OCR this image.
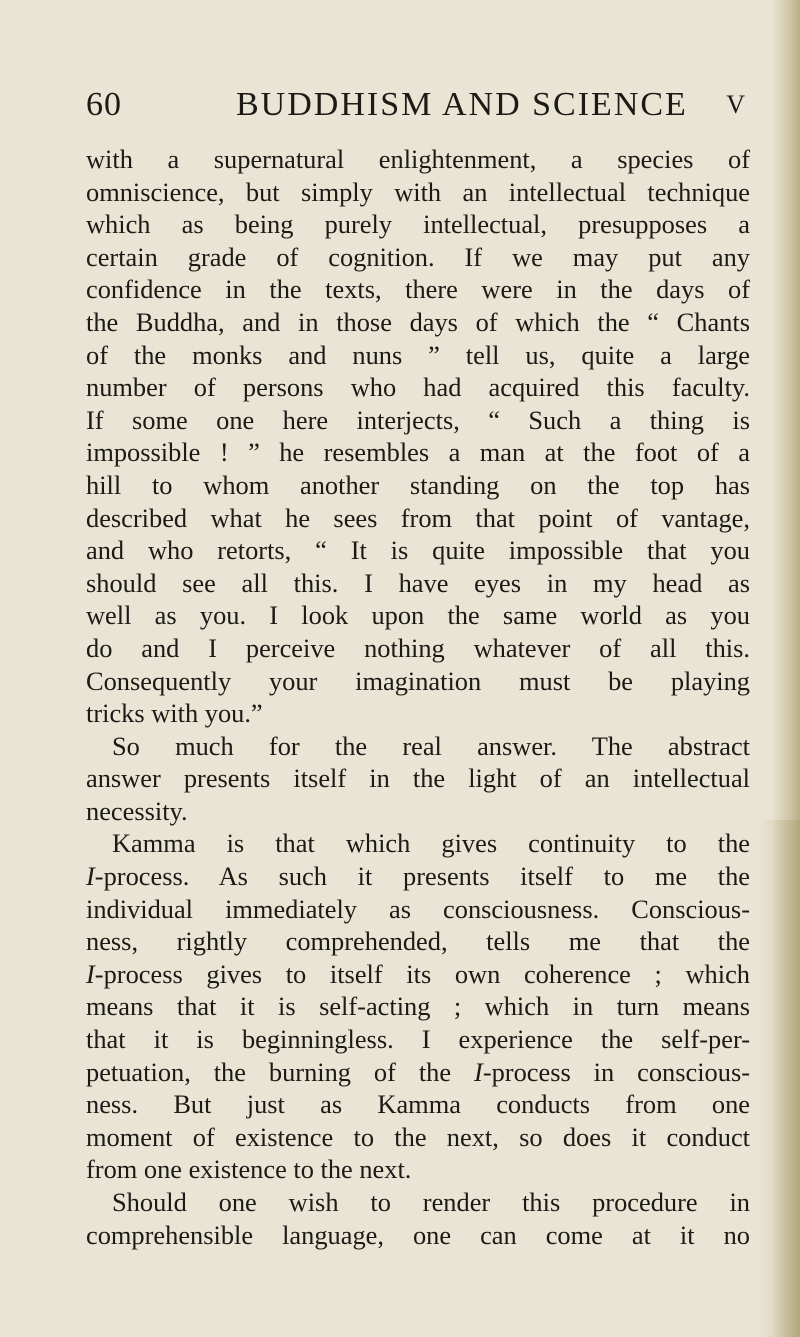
60	BUDDHISM AND SCIENCE V
with a supernatural enlightenment, a species of
omniscience, but simply with an intellectual technique
which as being purely intellectual, presupposes a
certain grade of cognition. If we may put any
confidence in the texts, there were in the days of
the Buddha, and in those days of which the “ Chants
of the monks and nuns ” tell us, quite a large
number of persons who had acquired this faculty.
If some one here interjects, “ Such a thing is
impossible ! ” he resembles a man at the foot of a
hill to whom another standing on the top has
described what he sees from that point of vantage,
and who retorts, “ It is quite impossible that you
should see all this. I have eyes in my head as
well as you. I look upon the same world as you
do and I perceive nothing whatever of all this.
Consequently your imagination must be playing
tricks with you.”
So much for the real answer. The abstract
answer presents itself in the light of an intellectual
necessity.
Kamma is that which gives continuity to the
I-process. As such it presents itself to me the
individual immediately as consciousness. Conscious-
ness, rightly comprehended, tells me that the
I-process gives to itself its own coherence ; which
means that it is self-acting ; which in turn means
that it is beginningless. I experience the self-per-
petuation, the burning of the I-process in conscious-
ness. But just as Kamma conducts from one
moment of existence to the next, so does it conduct
from one existence to the next.
Should one wish to render this procedure in
comprehensible language, one can come at it no
